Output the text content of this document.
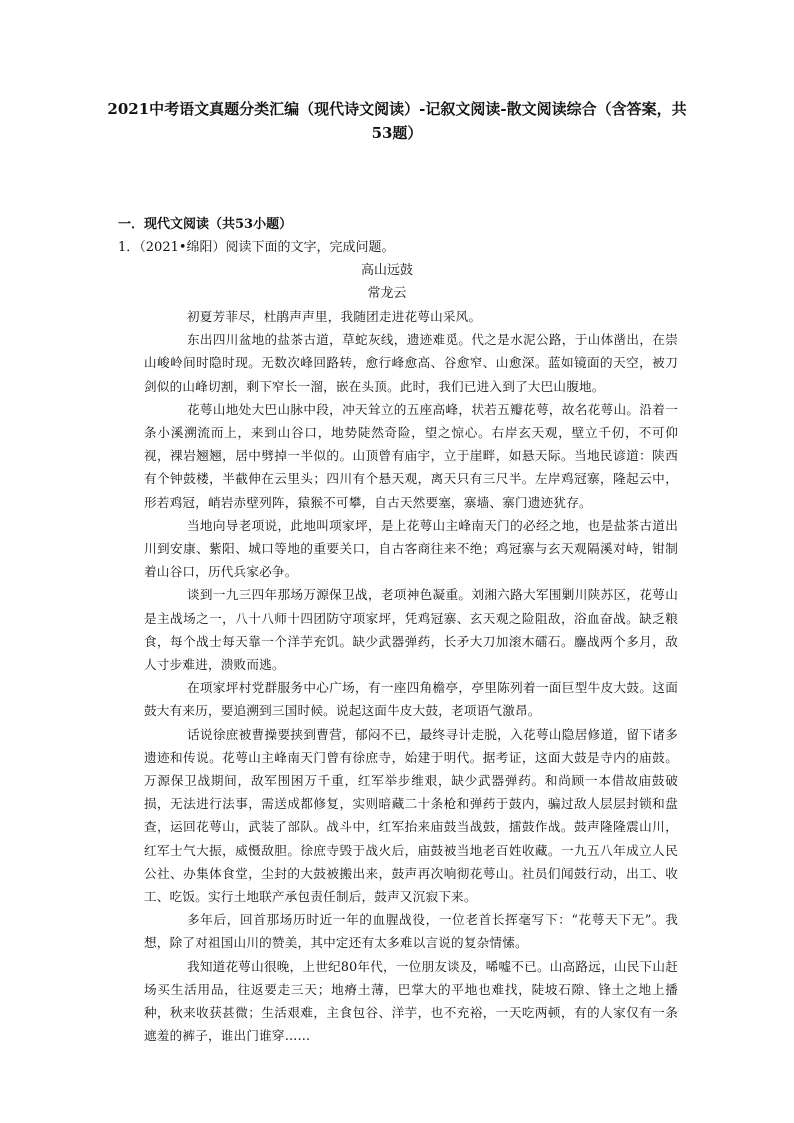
2021中考语文真题分类汇编（现代诗文阅读）-记叙文阅读-散文阅读综合（含答案，共53题）

一．现代文阅读（共53小题）

1．（2021•绵阳）阅读下面的文字，完成问题。

高山远鼓

常龙云

初夏芳菲尽，杜鹃声声里，我随团走进花萼山采风。

东出四川盆地的盐茶古道，草蛇灰线，遗迹难觅。代之是水泥公路，于山体凿出，在崇山峻岭间时隐时现。无数次峰回路转，愈行峰愈高、谷愈窄、山愈深。蓝如镜面的天空，被刀剑似的山峰切割，剩下窄长一溜，嵌在头顶。此时，我们已进入到了大巴山腹地。

花萼山地处大巴山脉中段，冲天耸立的五座高峰，状若五瓣花萼，故名花萼山。沿着一条小溪溯流而上，来到山谷口，地势陡然奇险，望之惊心。右岸玄天观，壁立千仞，不可仰视，裸岩翘翘，居中劈掉一半似的。山顶曾有庙宇，立于崖畔，如悬天际。当地民谚道：陕西有个钟鼓楼，半截伸在云里头；四川有个悬天观，离天只有三尺半。左岸鸡冠寨，隆起云中，形若鸡冠，峭岩赤壁列阵，猿猴不可攀，自古天然要塞，寨墙、寨门遗迹犹存。

当地向导老项说，此地叫项家坪，是上花萼山主峰南天门的必经之地，也是盐茶古道出川到安康、紫阳、城口等地的重要关口，自古客商往来不绝；鸡冠寨与玄天观隔溪对峙，钳制着山谷口，历代兵家必争。

谈到一九三四年那场万源保卫战，老项神色凝重。刘湘六路大军围剿川陕苏区，花萼山是主战场之一，八十八师十四团防守项家坪，凭鸡冠寨、玄天观之险阻敌，浴血奋战。缺乏粮食，每个战士每天靠一个洋芋充饥。缺少武器弹药，长矛大刀加滚木礌石。鏖战两个多月，敌人寸步难进，溃败而逃。

在项家坪村党群服务中心广场，有一座四角檐亭，亭里陈列着一面巨型牛皮大鼓。这面鼓大有来历，要追溯到三国时候。说起这面牛皮大鼓，老项语气激昂。

话说徐庶被曹操要挟到曹营，郁闷不已，最终寻计走脱，入花萼山隐居修道，留下诸多遗迹和传说。花萼山主峰南天门曾有徐庶寺，始建于明代。据考证，这面大鼓是寺内的庙鼓。万源保卫战期间，敌军围困万千重，红军举步维艰，缺少武器弹药。和尚顾一本借故庙鼓破损，无法进行法事，需送成都修复，实则暗藏二十条枪和弹药于鼓内，骗过敌人层层封锁和盘查，运回花萼山，武装了部队。战斗中，红军抬来庙鼓当战鼓，擂鼓作战。鼓声隆隆震山川，红军士气大振，威慑敌胆。徐庶寺毁于战火后，庙鼓被当地老百姓收藏。一九五八年成立人民公社、办集体食堂，尘封的大鼓被搬出来，鼓声再次响彻花萼山。社员们闻鼓行动，出工、收工、吃饭。实行土地联产承包责任制后，鼓声又沉寂下来。

多年后，回首那场历时近一年的血腥战役，一位老首长挥毫写下：“花萼天下无”。我想，除了对祖国山川的赞美，其中定还有太多难以言说的复杂情愫。

我知道花萼山很晚，上世纪80年代，一位朋友谈及，唏嘘不已。山高路远，山民下山赶场买生活用品，往返要走三天；地瘠土薄，巴掌大的平地也难找，陡坡石隙、锋土之地上播种，秋来收获甚微；生活艰难，主食包谷、洋芋，也不充裕，一天吃两顿，有的人家仅有一条遮羞的裤子，谁出门谁穿……
